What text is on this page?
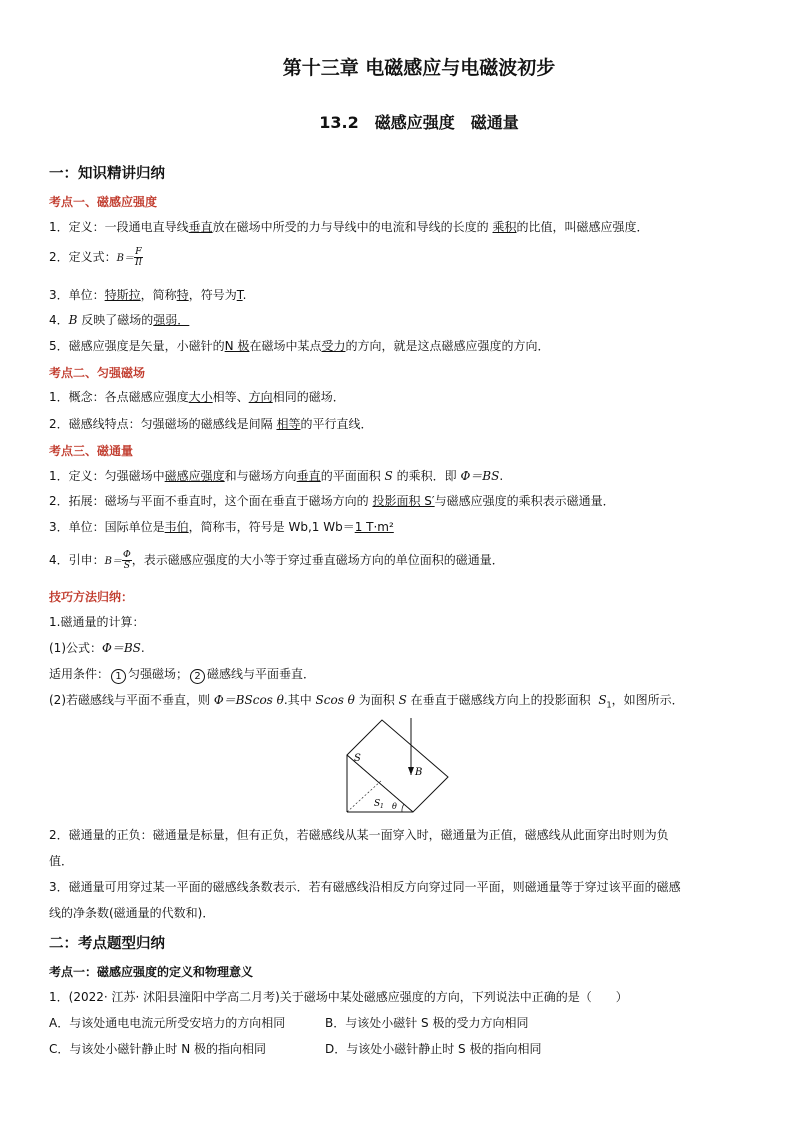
第十三章 电磁感应与电磁波初步
13.2　磁感应强度　磁通量
一：知识精讲归纳
考点一、磁感应强度
1．定义：一段通电直导线垂直放在磁场中所受的力与导线中的电流和导线的长度的 乘积的比值，叫磁感应强度．
2．定义式：$B= \frac{F}{Il}$
3．单位：特斯拉，简称特，符号为T.
4．B 反映了磁场的强弱．
5．磁感应强度是矢量，小磁针的N 极在磁场中某点受力的方向，就是这点磁感应强度的方向．
考点二、匀强磁场
1．概念：各点磁感应强度大小相等、方向相同的磁场．
2．磁感线特点：匀强磁场的磁感线是间隔 相等的平行直线．
考点三、磁通量
1．定义：匀强磁场中磁感应强度和与磁场方向垂直的平面面积 S 的乘积．即 Φ＝BS.
2．拓展：磁场与平面不垂直时，这个面在垂直于磁场方向的 投影面积 S′与磁感应强度的乘积表示磁通量．
3．单位：国际单位是韦伯，简称韦，符号是 Wb,1 Wb＝1 T·m²
4．引申：$B= \frac{\Phi}{S}$ ，表示磁感应强度的大小等于穿过垂直磁场方向的单位面积的磁通量．
技巧方法归纳：
1.磁通量的计算：
(1)公式：Φ＝BS.
适用条件： 1 匀强磁场； 2 磁感线与平面垂直．
(2)若磁感线与平面不垂直，则 Φ＝BScos θ.其中 Scos θ 为面积 S 在垂直于磁感线方向上的投影面积 $S_1$，如图所示．
S
B
S 1 θ
2．磁通量的正负：磁通量是标量，但有正负，若磁感线从某一面穿入时，磁通量为正值，磁感线从此面穿出时则为负
值．
3．磁通量可用穿过某一平面的磁感线条数表示．若有磁感线沿相反方向穿过同一平面，则磁通量等于穿过该平面的磁感
线的净条数(磁通量的代数和)．
二：考点题型归纳
考点一：磁感应强度的定义和物理意义
1．(2022· 江苏· 沭阳县潼阳中学高二月考)关于磁场中某处磁感应强度的方向，下列说法中正确的是（　　）
A．与该处通电电流元所受安培力的方向相同	B．与该处小磁针 S 极的受力方向相同
C．与该处小磁针静止时 N 极的指向相同	D．与该处小磁针静止时 S 极的指向相同
